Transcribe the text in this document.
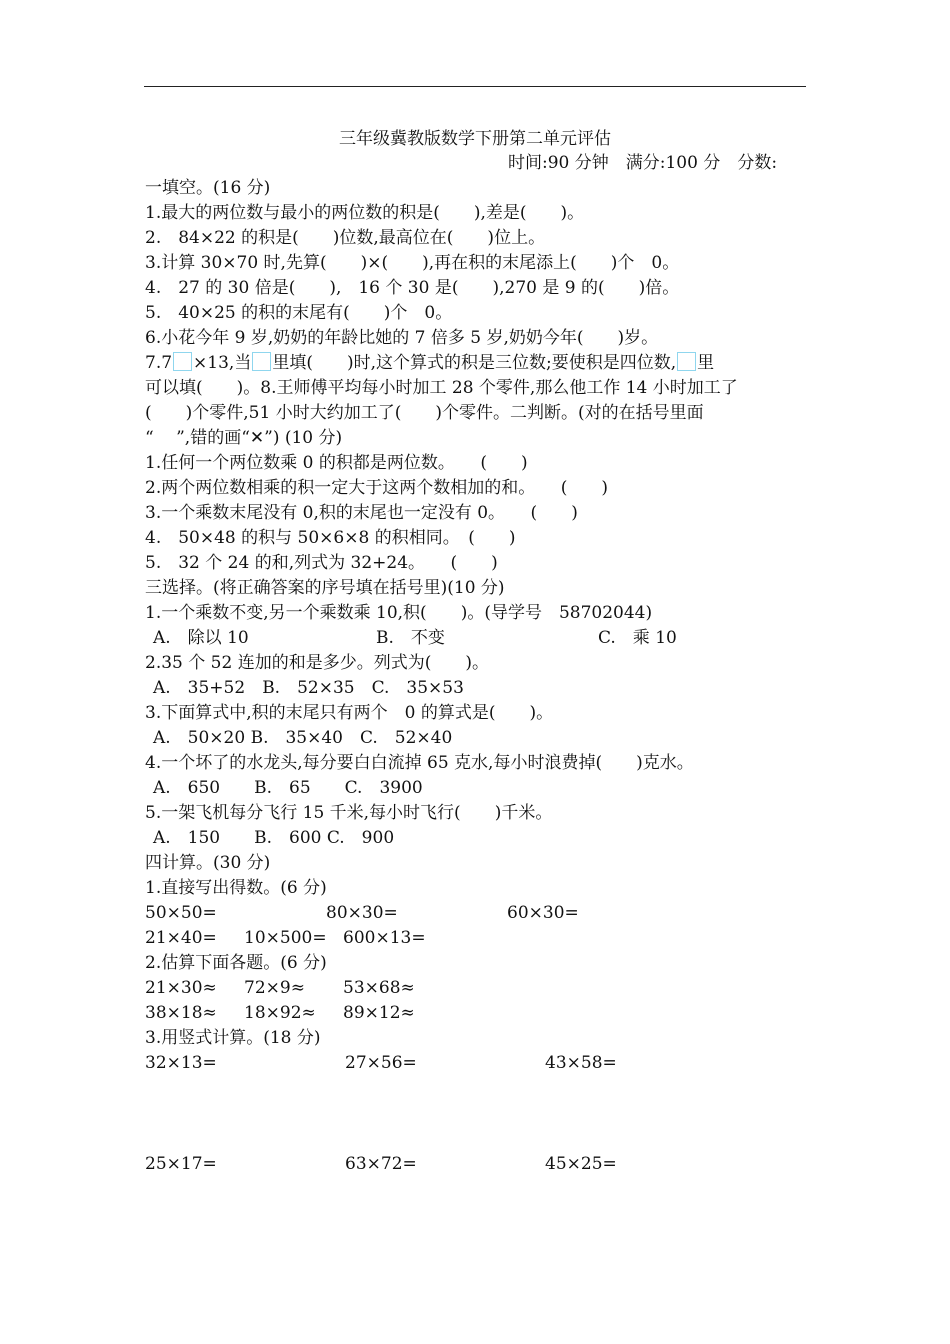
三年级冀教版数学下册第二单元评估
时间:90 分钟　满分:100 分　分数:
一填空。(16 分)
1.最大的两位数与最小的两位数的积是(　　),差是(　　)。
2.　84×22 的积是(　　)位数,最高位在(　　)位上。
3.计算 30×70 时,先算(　　)×(　　),再在积的末尾添上(　　)个　0。
4.　27 的 30 倍是(　　),　16 个 30 是(　　),270 是 9 的(　　)倍。
5.　40×25 的积的末尾有(　　)个　0。
6.小花今年 9 岁,奶奶的年龄比她的 7 倍多 5 岁,奶奶今年(　　)岁。
7.7 ×13,当 里填(　　)时,这个算式的积是三位数;要使积是四位数, 里
可以填(　　)。8.王师傅平均每小时加工 28 个零件,那么他工作 14 小时加工了
(　　)个零件,51 小时大约加工了(　　)个零件。二判断。(对的在括号里面
“　 ”,错的画“✕”) (10 分)
1.任何一个两位数乘 0 的积都是两位数。　　(　　)
2.两个两位数相乘的积一定大于这两个数相加的和。　　(　　)
3.一个乘数末尾没有 0,积的末尾也一定没有 0。　　(　　)
4.　50×48 的积与 50×6×8 的积相同。　(　　)
5.　32 个 24 的和,列式为 32+24。　　(　　)
三选择。(将正确答案的序号填在括号里)(10 分)
1.一个乘数不变,另一个乘数乘 10,积(　　)。(导学号　58702044)
A.　除以 10	B.　不变	C.　乘 10
2.35 个 52 连加的和是多少。列式为(　　)。
A.　35+52　B.　52×35　C.　35×53
3.下面算式中,积的末尾只有两个　0 的算式是(　　)。
A.　50×20 B.　35×40　C.　52×40
4.一个坏了的水龙头,每分要白白流掉 65 克水,每小时浪费掉(　　)克水。
A.　650　　B.　65　　C.　3900
5.一架飞机每分飞行 15 千米,每小时飞行(　　)千米。
A.　150　　B.　600 C.　900
四计算。(30 分)
1.直接写出得数。(6 分)
50×50=	80×30=	60×30=
21×40= 10×500= 600×13=
2.估算下面各题。(6 分)
21×30≈ 72×9≈ 53×68≈
38×18≈ 18×92≈ 89×12≈
3.用竖式计算。(18 分)
32×13=	27×56=	43×58=
25×17=	63×72=	45×25=
